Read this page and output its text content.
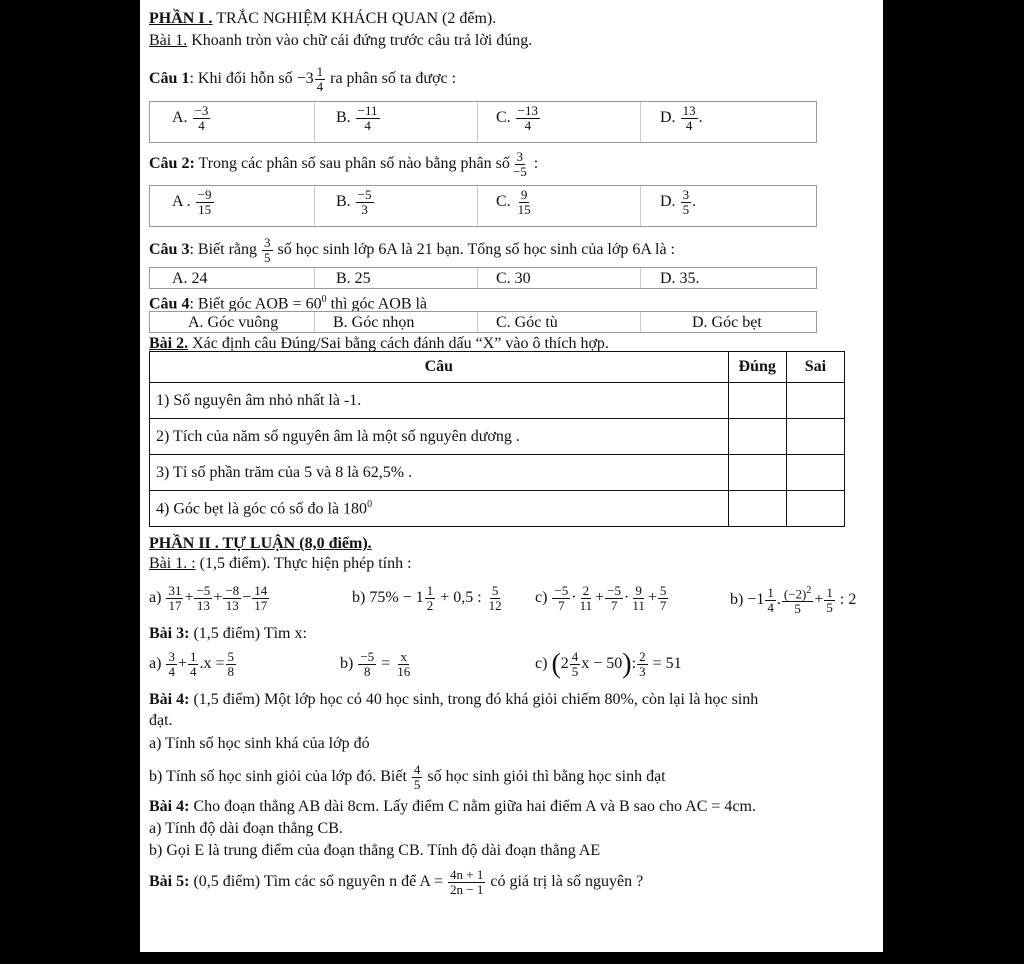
PHẦN I . TRẮC NGHIỆM KHÁCH QUAN (2 đểm).
Bài 1. Khoanh tròn vào chữ cái đứng trước câu trả lời đúng.
Câu 1: Khi đổi hỗn số $-3 \frac{1}{4}$ ra phân số ta được :
A. $\frac{-3}{4}$	B. $\frac{-11}{4}$	C. $\frac{-13}{4}$	D. $\frac{13}{4}$ .
Câu 2: Trong các phân số sau phân số nào bằng phân số $\frac{3}{-5}$ :
A . $\frac{-9}{15}$	B. $\frac{-5}{3}$	C. $\frac{9}{15}$	D. $\frac{3}{5}$ .
Câu 3: Biết rằng $\frac{3}{5}$ số học sinh lớp 6A là 21 bạn. Tổng số học sinh của lớp 6A là :
A. 24	B. 25	C. 30	D. 35.
Câu 4: Biết góc AOB = $60^0$ thì góc AOB là
A. Góc vuông	B. Góc nhọn	C. Góc tù	D. Góc bẹt
Bài 2. Xác định câu Đúng/Sai bằng cách đánh dấu “X” vào ô thích hợp.
Câu	Đúng	Sai
1) Số nguyên âm nhỏ nhất là -1.		
2) Tích của năm số nguyên âm là một số nguyên dương .		
3) Tỉ số phần trăm của 5 và 8 là 62,5% .		
4) Góc bẹt là góc có số đo là $180^0$		
PHẦN II . TỰ LUẬN (8,0 điểm).
Bài 1. : (1,5 điểm). Thực hiện phép tính :
$a) \frac{31}{17} + \frac{-5}{13} + \frac{-8}{13} - \frac{14}{17}$	b) $75\% - 1 \frac{1}{2} + 0,5$ : $\frac{5}{12} c) \frac{-5}{7} \cdot \frac{2}{11} + \frac{-5}{7} \cdot \frac{9}{11} + \frac{5}{7}$	$b) -1 \frac{1}{4}$ . $\frac{(-2)^2}{5} + \frac{1}{5}$ : 2
Bài 3: (1,5 điểm) Tìm x:
$a) \frac{3}{4} + \frac{1}{4} .x = \frac{5}{8}$	$b) \frac{-5}{8} = \frac{x}{16}$	c) ($2 \frac{4}{5}$ x − 50): $\frac{2}{3} = 51$
Bài 4: (1,5 điểm) Một lớp học có 40 học sinh, trong đó khá giỏi chiếm 80%, còn lại là học sinh
đạt.
a) Tính số học sinh khá của lớp đó
b) Tính số học sinh giỏi của lớp đó. Biết $\frac{4}{5}$ số học sinh giỏi thì bằng học sinh đạt
Bài 4: Cho đoạn thẳng AB dài 8cm. Lấy điểm C nằm giữa hai điểm A và B sao cho AC = 4cm.
a) Tính độ dài đoạn thẳng CB.
b) Gọi E là trung điểm của đoạn thẳng CB. Tính độ dài đoạn thẳng AE
Bài 5: (0,5 điểm) Tìm các số nguyên n để $A = \frac{4n + 1}{2n - 1}$ có giá trị là số nguyên ?
